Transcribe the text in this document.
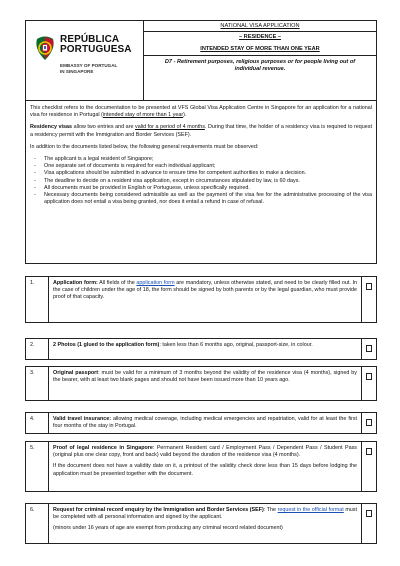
REPÚBLICA
PORTUGUESA
EMBASSY OF PORTUGAL
IN SINGAPORE
NATIONAL VISA APPLICATION
– RESIDENCE –
INTENDED STAY OF MORE THAN ONE YEAR
D7 - Retirement purposes, religious purposes or for people living out of individual revenue.

This checklist refers to the documentation to be presented at VFS Global Visa Application Centre in Singapore for an application for a national visa for residence in Portugal (intended stay of more than 1 year).

Residency visas allow two entries and are valid for a period of 4 months. During that time, the holder of a residency visa is required to request a residency permit with the Immigration and Border Services (SEF).

In addition to the documents listed below, the following general requirements must be observed:

- The applicant is a legal resident of Singapore;
- One separate set of documents is required for each individual applicant;
- Visa applications should be submitted in advance to ensure time for competent authorities to make a decision.
- The deadline to decide on a resident visa application, except in circumstances stipulated by law, is 60 days.
- All documents must be provided in English or Portuguese, unless specifically required.
- Necessary documents being considered admissible as well as the payment of the visa fee for the administrative processing of the visa application does not entail a visa being granted, nor does it entail a refund in case of refusal.
1.	Application form: All fields of the application form are mandatory, unless otherwise stated, and need to be clearly filled out. In the case of children under the age of 18, the form should be signed by both parents or by the legal guardian, who must provide proof of that capacity.

2.	2 Photos (1 glued to the application form): taken less than 6 months ago, original, passport-size, in colour.

3.	Original passport: must be valid for a minimum of 3 months beyond the validity of the residence visa (4 months), signed by the bearer, with at least two blank pages and should not have been issued more than 10 years ago.

4.	Valid travel insurance: allowing medical coverage, including medical emergencies and repatriation, valid for at least the first four months of the stay in Portugal.

5.	Proof of legal residence in Singapore: Permanent Resident card / Employment Pass / Dependent Pass / Student Pass (original plus one clear copy, front and back) valid beyond the duration of the residence visa (4 months).

If the document does not have a validity date on it, a printout of the validity check done less than 15 days before lodging the application must be presented together with the document.

6.	Request for criminal record enquiry by the Immigration and Border Services (SEF): The request in the official format must be completed with all personal information and signed by the applicant.

(minors under 16 years of age are exempt from producing any criminal record related document)
